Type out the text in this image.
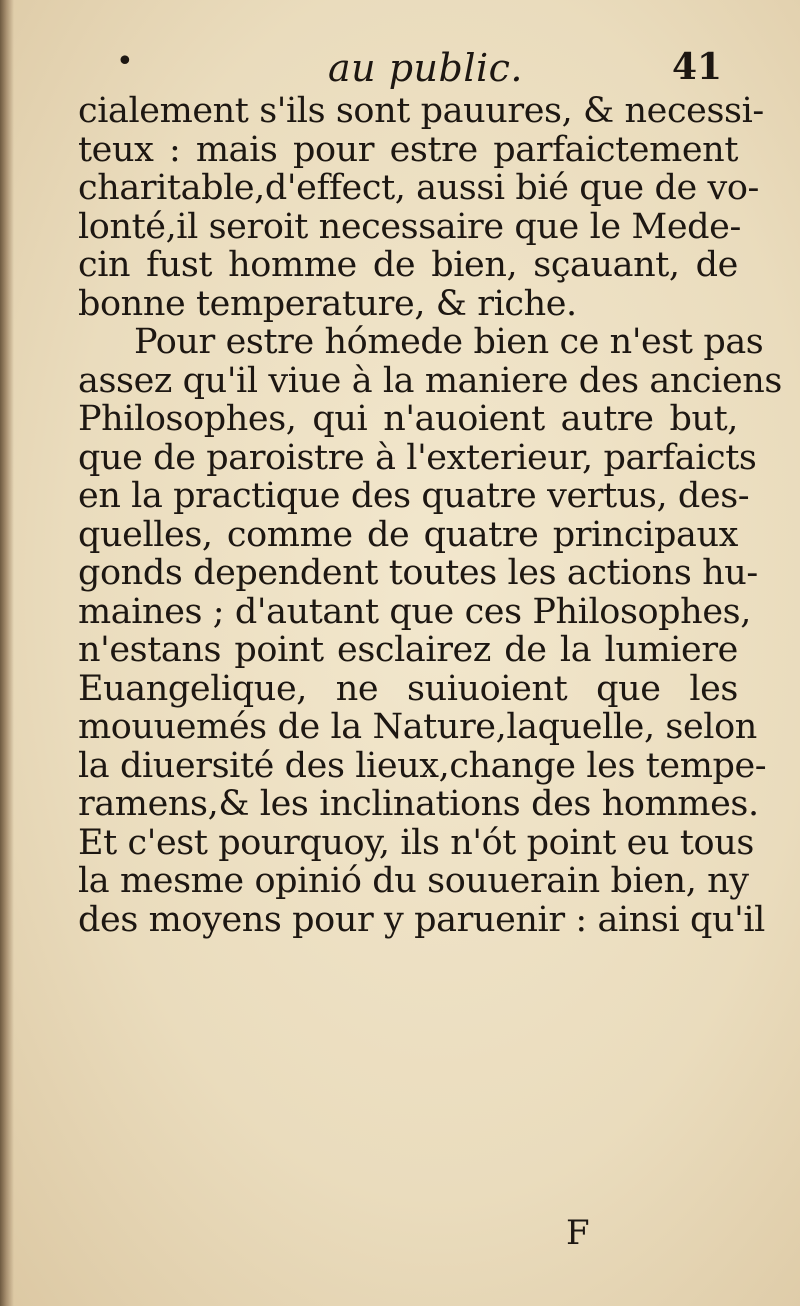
•	au public.	41
cialement s'ils sont pauures, & necessi-
teux : mais pour estre parfaictement
charitable,d'effect, aussi bié que de vo-
lonté,il seroit necessaire que le Mede-
cin fust homme de bien, sçauant, de
bonne temperature, & riche.
Pour estre hómede bien ce n'est pas
assez qu'il viue à la maniere des anciens
Philosophes, qui n'auoient autre but,
que de paroistre à l'exterieur, parfaicts
en la practique des quatre vertus, des-
quelles, comme de quatre principaux
gonds dependent toutes les actions hu-
maines ; d'autant que ces Philosophes,
n'estans point esclairez de la lumiere
Euangelique, ne suiuoient que les
mouuemés de la Nature,laquelle, selon
la diuersité des lieux,change les tempe-
ramens,& les inclinations des hommes.
Et c'est pourquoy, ils n'ót point eu tous
la mesme opinió du souuerain bien, ny
des moyens pour y paruenir : ainsi qu'il
F
